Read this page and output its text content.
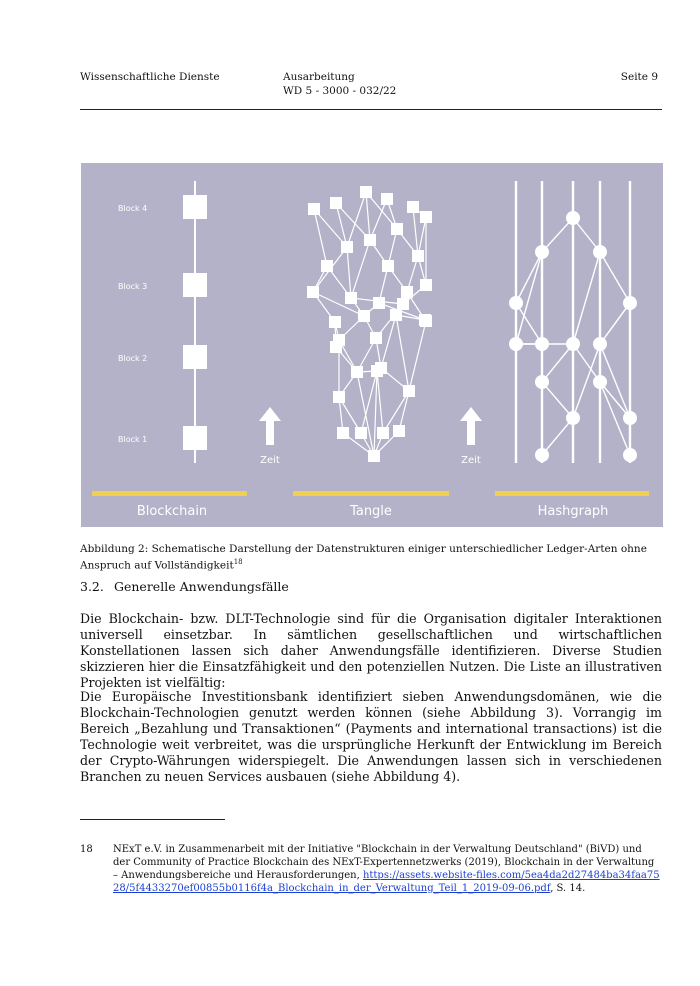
Wissenschaftliche Dienste	Ausarbeitung
WD 5 - 3000 - 032/22
Seite 9
Block 4
Block 3
Block 2
Block 1
Zeit	Zeit
Blockchain	Tangle	Hashgraph
Abbildung 2: Schematische Darstellung der Datenstrukturen einiger unterschiedlicher Ledger-Arten ohne Anspruch auf Vollständigkeit$^{18}$
3.2. Generelle Anwendungsfälle

Die Blockchain- bzw. DLT-Technologie sind für die Organisation digitaler Interaktionen universell einsetzbar. In sämtlichen gesellschaftlichen und wirtschaftlichen Konstellationen lassen sich daher Anwendungsfälle identifizieren. Diverse Studien skizzieren hier die Einsatzfähigkeit und den potenziellen Nutzen. Die Liste an illustrativen Projekten ist vielfältig:

Die Europäische Investitionsbank identifiziert sieben Anwendungsdomänen, wie die Blockchain-Technologien genutzt werden können (siehe Abbildung 3). Vorrangig im Bereich „Bezahlung und Transaktionen“ (Payments and international transactions) ist die Technologie weit verbreitet, was die ursprüngliche Herkunft der Entwicklung im Bereich der Crypto-Währungen widerspiegelt. Die Anwendungen lassen sich in verschiedenen Branchen zu neuen Services ausbauen (siehe Abbildung 4).

18 NExT e.V. in Zusammenarbeit mit der Initiative "Blockchain in der Verwaltung Deutschland" (BiVD) und der Community of Practice Blockchain des NExT-Expertennetzwerks (2019), Blockchain in der Verwaltung – Anwendungsbereiche und Herausforderungen, https://assets.website-files.com/5ea4da2d27484ba34faa7528/5f4433270ef00855b0116f4a_Blockchain_in_der_Verwaltung_Teil_1_2019-09-06.pdf, S. 14.
